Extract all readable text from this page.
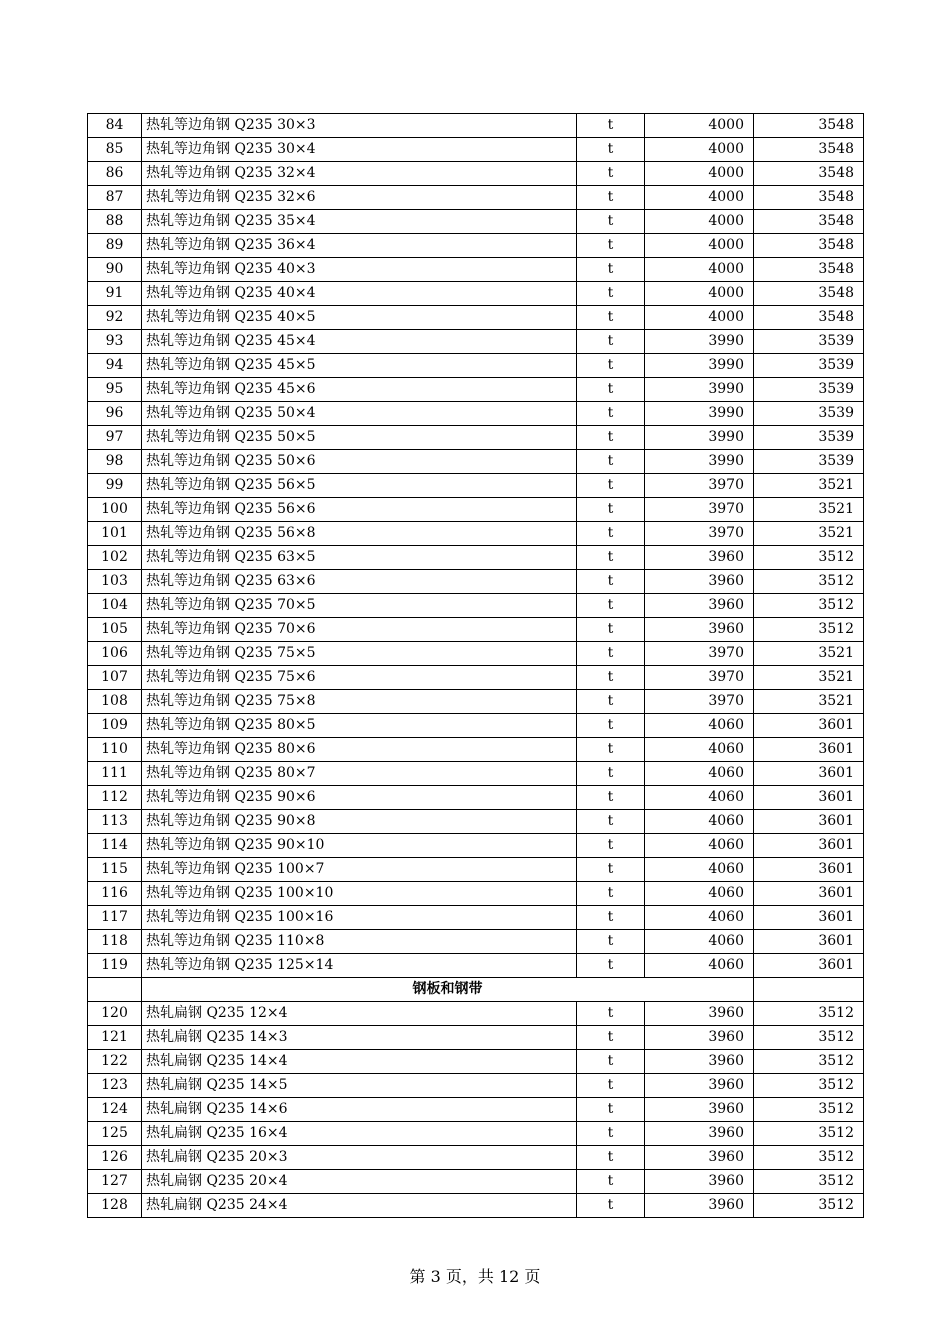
84	热轧等边角钢 Q235 30×3	t	4000	3548
85	热轧等边角钢 Q235 30×4	t	4000	3548
86	热轧等边角钢 Q235 32×4	t	4000	3548
87	热轧等边角钢 Q235 32×6	t	4000	3548
88	热轧等边角钢 Q235 35×4	t	4000	3548
89	热轧等边角钢 Q235 36×4	t	4000	3548
90	热轧等边角钢 Q235 40×3	t	4000	3548
91	热轧等边角钢 Q235 40×4	t	4000	3548
92	热轧等边角钢 Q235 40×5	t	4000	3548
93	热轧等边角钢 Q235 45×4	t	3990	3539
94	热轧等边角钢 Q235 45×5	t	3990	3539
95	热轧等边角钢 Q235 45×6	t	3990	3539
96	热轧等边角钢 Q235 50×4	t	3990	3539
97	热轧等边角钢 Q235 50×5	t	3990	3539
98	热轧等边角钢 Q235 50×6	t	3990	3539
99	热轧等边角钢 Q235 56×5	t	3970	3521
100	热轧等边角钢 Q235 56×6	t	3970	3521
101	热轧等边角钢 Q235 56×8	t	3970	3521
102	热轧等边角钢 Q235 63×5	t	3960	3512
103	热轧等边角钢 Q235 63×6	t	3960	3512
104	热轧等边角钢 Q235 70×5	t	3960	3512
105	热轧等边角钢 Q235 70×6	t	3960	3512
106	热轧等边角钢 Q235 75×5	t	3970	3521
107	热轧等边角钢 Q235 75×6	t	3970	3521
108	热轧等边角钢 Q235 75×8	t	3970	3521
109	热轧等边角钢 Q235 80×5	t	4060	3601
110	热轧等边角钢 Q235 80×6	t	4060	3601
111	热轧等边角钢 Q235 80×7	t	4060	3601
112	热轧等边角钢 Q235 90×6	t	4060	3601
113	热轧等边角钢 Q235 90×8	t	4060	3601
114	热轧等边角钢 Q235 90×10	t	4060	3601
115	热轧等边角钢 Q235 100×7	t	4060	3601
116	热轧等边角钢 Q235 100×10	t	4060	3601
117	热轧等边角钢 Q235 100×16	t	4060	3601
118	热轧等边角钢 Q235 110×8	t	4060	3601
119	热轧等边角钢 Q235 125×14	t	4060	3601
	钢板和钢带			
120	热轧扁钢 Q235 12×4	t	3960	3512
121	热轧扁钢 Q235 14×3	t	3960	3512
122	热轧扁钢 Q235 14×4	t	3960	3512
123	热轧扁钢 Q235 14×5	t	3960	3512
124	热轧扁钢 Q235 14×6	t	3960	3512
125	热轧扁钢 Q235 16×4	t	3960	3512
126	热轧扁钢 Q235 20×3	t	3960	3512
127	热轧扁钢 Q235 20×4	t	3960	3512
128	热轧扁钢 Q235 24×4	t	3960	3512
第 3 页，共 12 页
